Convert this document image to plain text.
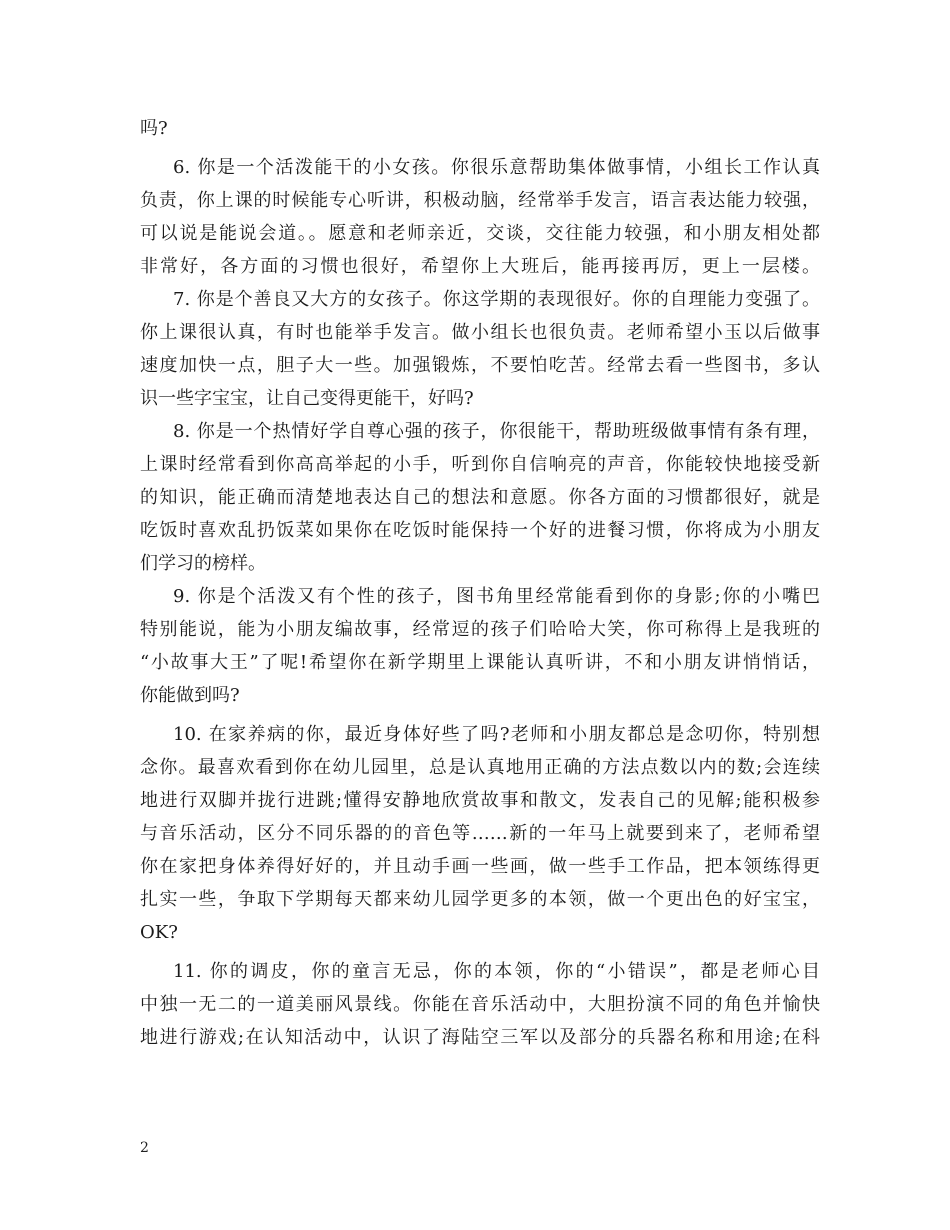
吗?
6. 你是一个活泼能干的小女孩。你很乐意帮助集体做事情，小组长工作认真
负责，你上课的时候能专心听讲，积极动脑，经常举手发言，语言表达能力较强，
可以说是能说会道。。愿意和老师亲近，交谈，交往能力较强，和小朋友相处都
非常好，各方面的习惯也很好，希望你上大班后，能再接再厉，更上一层楼。
7. 你是个善良又大方的女孩子。你这学期的表现很好。你的自理能力变强了。
你上课很认真，有时也能举手发言。做小组长也很负责。老师希望小玉以后做事
速度加快一点，胆子大一些。加强锻炼，不要怕吃苦。经常去看一些图书，多认
识一些字宝宝，让自己变得更能干，好吗?
8. 你是一个热情好学自尊心强的孩子，你很能干，帮助班级做事情有条有理，
上课时经常看到你高高举起的小手，听到你自信响亮的声音，你能较快地接受新
的知识，能正确而清楚地表达自己的想法和意愿。你各方面的习惯都很好，就是
吃饭时喜欢乱扔饭菜如果你在吃饭时能保持一个好的进餐习惯，你将成为小朋友
们学习的榜样。
9. 你是个活泼又有个性的孩子，图书角里经常能看到你的身影;你的小嘴巴
特别能说，能为小朋友编故事，经常逗的孩子们哈哈大笑，你可称得上是我班的
“小故事大王”了呢!希望你在新学期里上课能认真听讲，不和小朋友讲悄悄话，
你能做到吗?
10. 在家养病的你，最近身体好些了吗?老师和小朋友都总是念叨你，特别想
念你。最喜欢看到你在幼儿园里，总是认真地用正确的方法点数以内的数;会连续
地进行双脚并拢行进跳;懂得安静地欣赏故事和散文，发表自己的见解;能积极参
与音乐活动，区分不同乐器的的音色等……新的一年马上就要到来了，老师希望
你在家把身体养得好好的，并且动手画一些画，做一些手工作品，把本领练得更
扎实一些，争取下学期每天都来幼儿园学更多的本领，做一个更出色的好宝宝，
OK?
11. 你的调皮，你的童言无忌，你的本领，你的“小错误”，都是老师心目
中独一无二的一道美丽风景线。你能在音乐活动中，大胆扮演不同的角色并愉快
地进行游戏;在认知活动中，认识了海陆空三军以及部分的兵器名称和用途;在科
2
